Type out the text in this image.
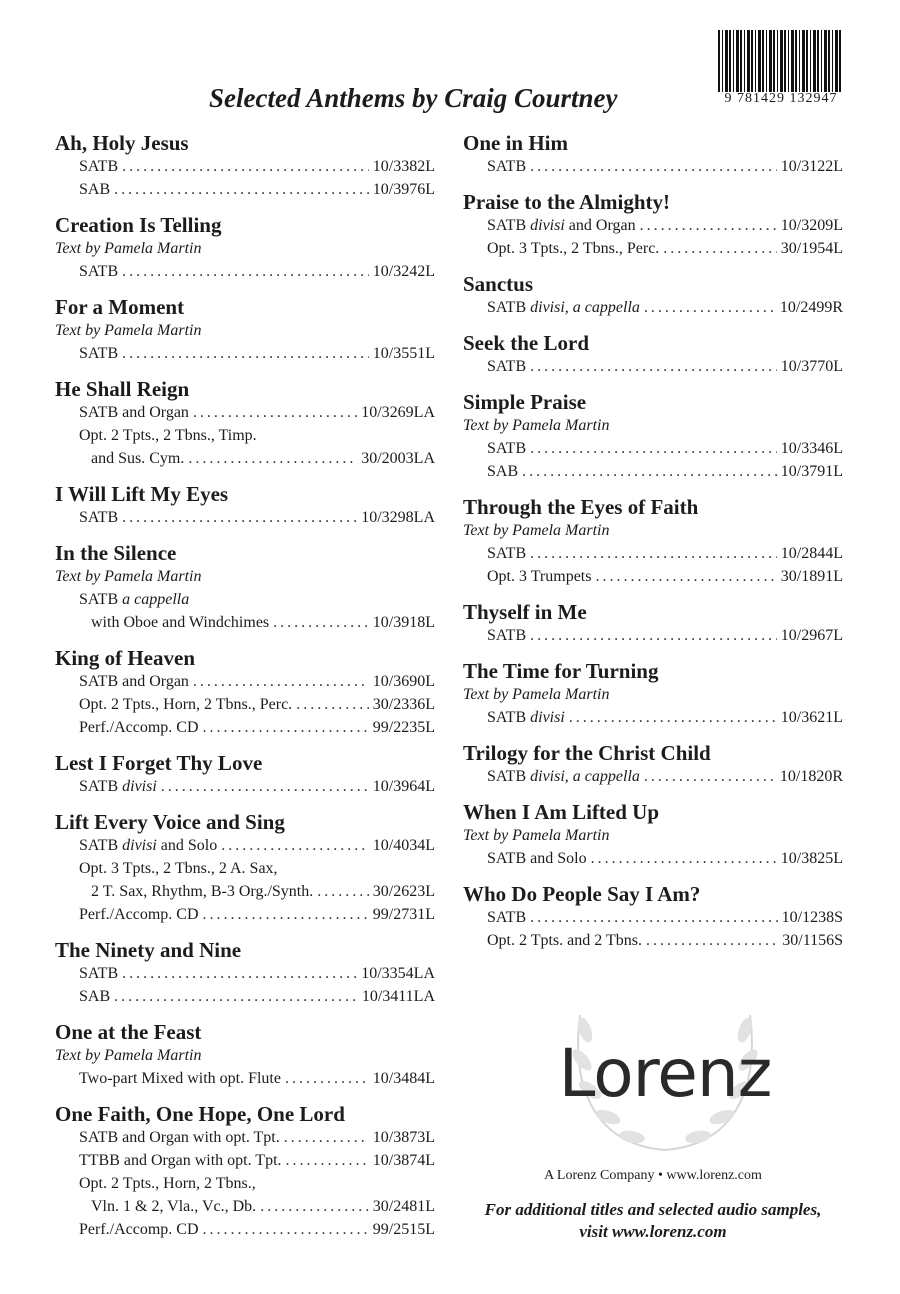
9 781429 132947
Selected Anthems by Craig Courtney
Ah, Holy Jesus
SATB .....	10/3382L
SAB .....	10/3976L
Creation Is Telling
Text by Pamela Martin
SATB .....	10/3242L
For a Moment
Text by Pamela Martin
SATB .....	10/3551L
He Shall Reign
SATB and Organ .....	10/3269LA
Opt. 2 Tpts., 2 Tbns., Timp.
and Sus. Cym. .....	30/2003LA
I Will Lift My Eyes
SATB .....	10/3298LA
In the Silence
Text by Pamela Martin
SATB a cappella
with Oboe and Windchimes .....	10/3918L
King of Heaven
SATB and Organ .....	10/3690L
Opt. 2 Tpts., Horn, 2 Tbns., Perc. .....	30/2336L
Perf./Accomp. CD .....	99/2235L
Lest I Forget Thy Love
SATB divisi .....	10/3964L
Lift Every Voice and Sing
SATB divisi and Solo .....	10/4034L
Opt. 3 Tpts., 2 Tbns., 2 A. Sax,
2 T. Sax, Rhythm, B-3 Org./Synth. .....	30/2623L
Perf./Accomp. CD .....	99/2731L
The Ninety and Nine
SATB .....	10/3354LA
SAB .....	10/3411LA
One at the Feast
Text by Pamela Martin
Two-part Mixed with opt. Flute .....	10/3484L
One Faith, One Hope, One Lord
SATB and Organ with opt. Tpt. .....	10/3873L
TTBB and Organ with opt. Tpt. .....	10/3874L
Opt. 2 Tpts., Horn, 2 Tbns.,
Vln. 1 & 2, Vla., Vc., Db. .....	30/2481L
Perf./Accomp. CD .....	99/2515L
One in Him
SATB .....	10/3122L
Praise to the Almighty!
SATB divisi and Organ .....	10/3209L
Opt. 3 Tpts., 2 Tbns., Perc. .....	30/1954L
Sanctus
SATB divisi, a cappella .....	10/2499R
Seek the Lord
SATB .....	10/3770L
Simple Praise
Text by Pamela Martin
SATB .....	10/3346L
SAB .....	10/3791L
Through the Eyes of Faith
Text by Pamela Martin
SATB .....	10/2844L
Opt. 3 Trumpets .....	30/1891L
Thyself in Me
SATB .....	10/2967L
The Time for Turning
Text by Pamela Martin
SATB divisi .....	10/3621L
Trilogy for the Christ Child
SATB divisi, a cappella .....	10/1820R
When I Am Lifted Up
Text by Pamela Martin
SATB and Solo .....	10/3825L
Who Do People Say I Am?
SATB .....	10/1238S
Opt. 2 Tpts. and 2 Tbns. .....	30/1156S
Lorenz
A Lorenz Company • www.lorenz.com
For additional titles and selected audio samples,
visit www.lorenz.com
